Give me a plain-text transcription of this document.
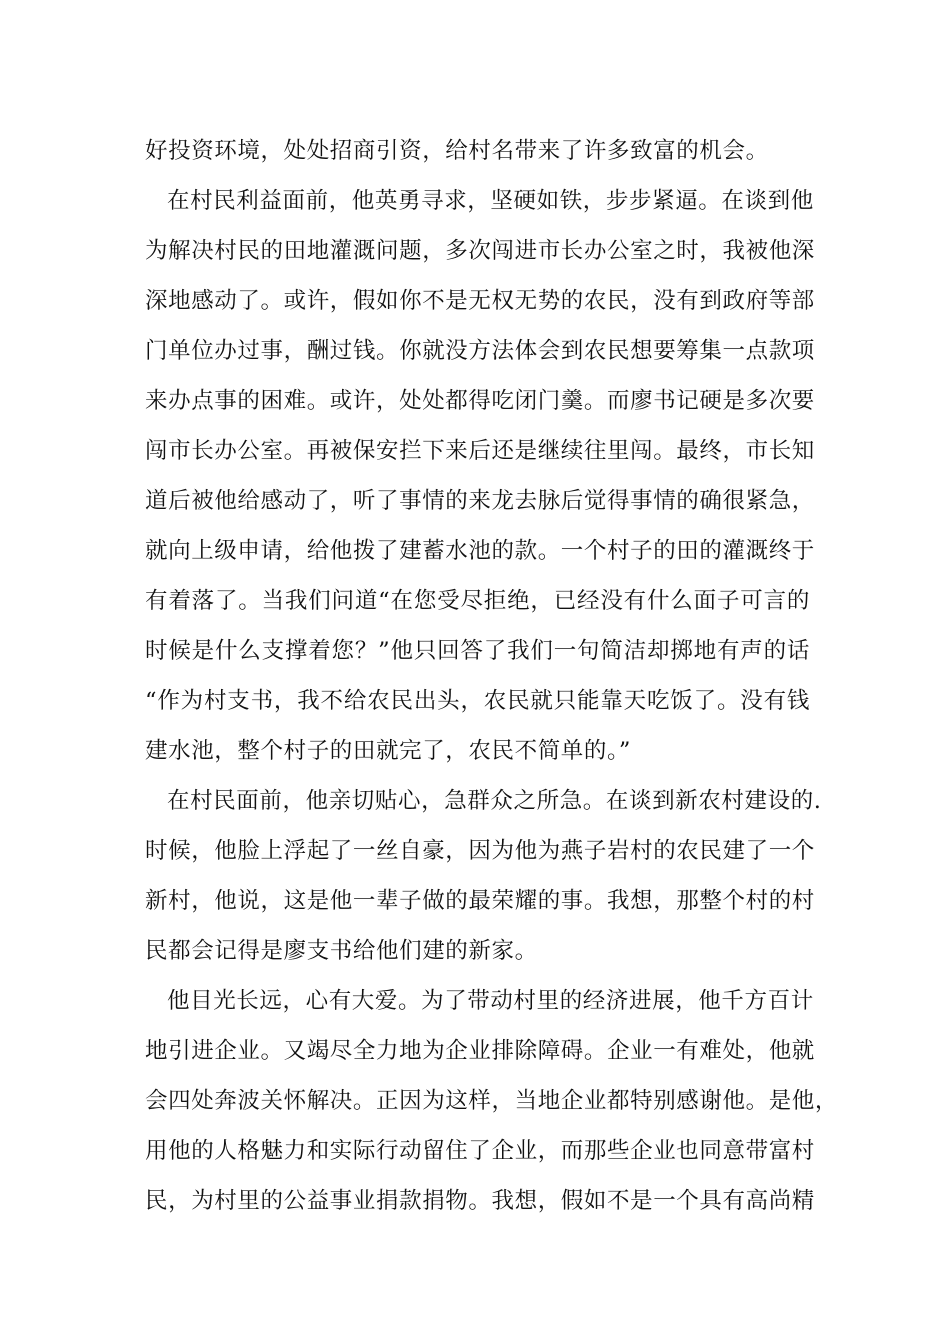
好投资环境，处处招商引资，给村名带来了许多致富的机会。
在村民利益面前，他英勇寻求，坚硬如铁，步步紧逼。在谈到他
为解决村民的田地灌溉问题，多次闯进市长办公室之时，我被他深
深地感动了。或许，假如你不是无权无势的农民，没有到政府等部
门单位办过事，酬过钱。你就没方法体会到农民想要筹集一点款项
来办点事的困难。或许，处处都得吃闭门羹。而廖书记硬是多次要
闯市长办公室。再被保安拦下来后还是继续往里闯。最终，市长知
道后被他给感动了，听了事情的来龙去脉后觉得事情的确很紧急，
就向上级申请，给他拨了建蓄水池的款。一个村子的田的灌溉终于
有着落了。当我们问道“在您受尽拒绝，已经没有什么面子可言的
时候是什么支撑着您？”他只回答了我们一句简洁却掷地有声的话
“作为村支书，我不给农民出头，农民就只能靠天吃饭了。没有钱
建水池，整个村子的田就完了，农民不简单的。”
在村民面前，他亲切贴心，急群众之所急。在谈到新农村建设的.
时候，他脸上浮起了一丝自豪，因为他为燕子岩村的农民建了一个
新村，他说，这是他一辈子做的最荣耀的事。我想，那整个村的村
民都会记得是廖支书给他们建的新家。
他目光长远，心有大爱。为了带动村里的经济进展，他千方百计
地引进企业。又竭尽全力地为企业排除障碍。企业一有难处，他就
会四处奔波关怀解决。正因为这样，当地企业都特别感谢他。是他，
用他的人格魅力和实际行动留住了企业，而那些企业也同意带富村
民，为村里的公益事业捐款捐物。我想，假如不是一个具有高尚精
